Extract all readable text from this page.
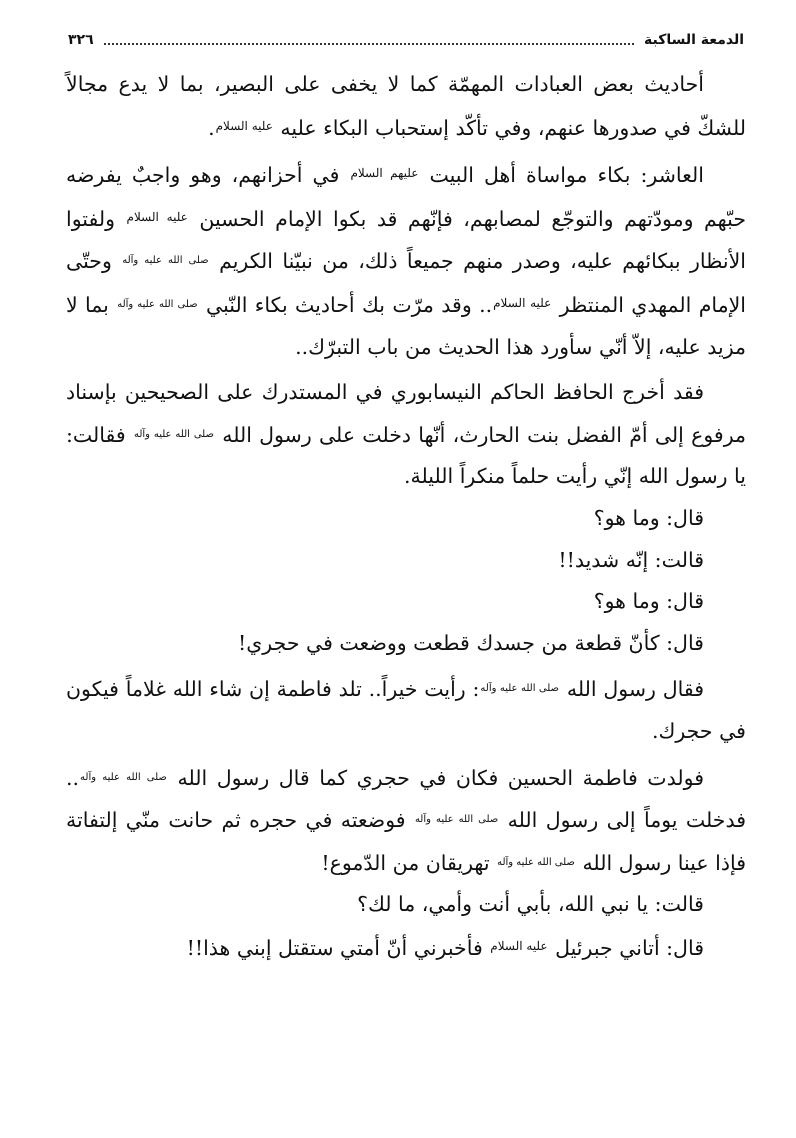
٣٢٦	الدمعة الساكبة

أحاديث بعض العبادات المهمّة كما لا يخفى على البصير، بما لا يدع مجالاً للشكّ في صدورها عنهم، وفي تأكّد إستحباب البكاء عليه $^{عليه السلام}$.

العاشر: بكاء مواساة أهل البيت $^{عليهم السلام}$ في أحزانهم، وهو واجبٌ يفرضه حبّهم ومودّتهم والتوجّع لمصابهم، فإنّهم قد بكوا الإمام الحسين $^{عليه السلام}$ ولفتوا الأنظار ببكائهم عليه، وصدر منهم جميعاً ذلك، من نبيّنا الكريم $^{صلى الله عليه وآله}$ وحتّى الإمام المهدي المنتظر $^{عليه السلام}$.. وقد مرّت بك أحاديث بكاء النّبي $^{صلى الله عليه وآله}$ بما لا مزيد عليه، إلاّ أنّي سأورد هذا الحديث من باب التبرّك..

فقد أخرج الحافظ الحاكم النيسابوري في المستدرك على الصحيحين بإسناد مرفوع إلى أمّ الفضل بنت الحارث، أنّها دخلت على رسول الله $^{صلى الله عليه وآله}$ فقالت: يا رسول الله إنّي رأيت حلماً منكراً الليلة.

قال: وما هو؟

قالت: إنّه شديد!!

قال: وما هو؟

قال: كأنّ قطعة من جسدك قطعت ووضعت في حجري!

فقال رسول الله $^{صلى الله عليه وآله}$: رأيت خيراً.. تلد فاطمة إن شاء الله غلاماً فيكون في حجرك.

فولدت فاطمة الحسين فكان في حجري كما قال رسول الله $^{صلى الله عليه وآله}$.. فدخلت يوماً إلى رسول الله $^{صلى الله عليه وآله}$ فوضعته في حجره ثم حانت منّي إلتفاتة فإذا عينا رسول الله $^{صلى الله عليه وآله}$ تهريقان من الدّموع!

قالت: يا نبي الله، بأبي أنت وأمي، ما لك؟

قال: أتاني جبرئيل $^{عليه السلام}$ فأخبرني أنّ أمتي ستقتل إبني هذا!!
